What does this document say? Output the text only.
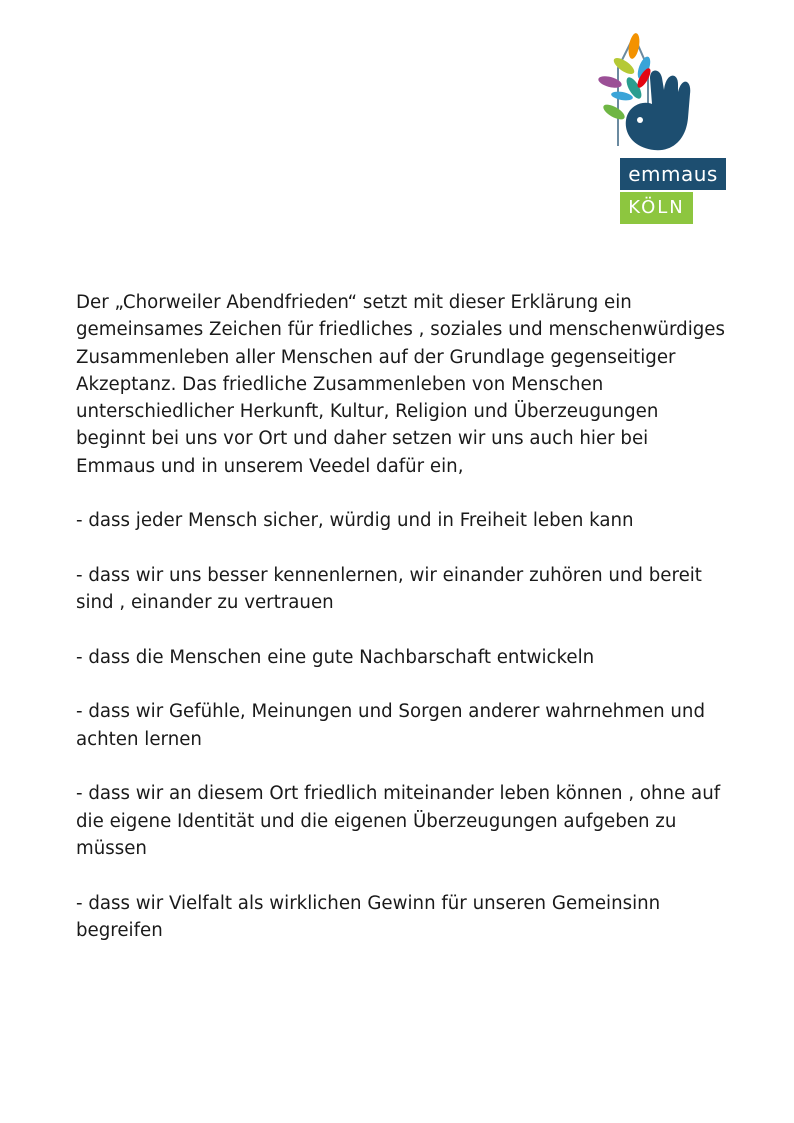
emmaus
KÖLN

Der „Chorweiler Abendfrieden“ setzt mit dieser Erklärung ein gemeinsames Zeichen für friedliches , soziales und menschenwürdiges Zusammenleben aller Menschen auf der Grundlage gegenseitiger Akzeptanz. Das friedliche Zusammenleben von Menschen unterschiedlicher Herkunft, Kultur, Religion und Überzeugungen beginnt bei uns vor Ort und daher setzen wir uns auch hier bei Emmaus und in unserem Veedel dafür ein,

- dass jeder Mensch sicher, würdig und in Freiheit leben kann

- dass wir uns besser kennenlernen, wir einander zuhören und bereit sind , einander zu vertrauen

- dass die Menschen eine gute Nachbarschaft entwickeln

- dass wir Gefühle, Meinungen und Sorgen anderer wahrnehmen und achten lernen

- dass wir an diesem Ort friedlich miteinander leben können , ohne auf die eigene Identität und die eigenen Überzeugungen aufgeben zu müssen

- dass wir Vielfalt als wirklichen Gewinn für unseren Gemeinsinn begreifen
